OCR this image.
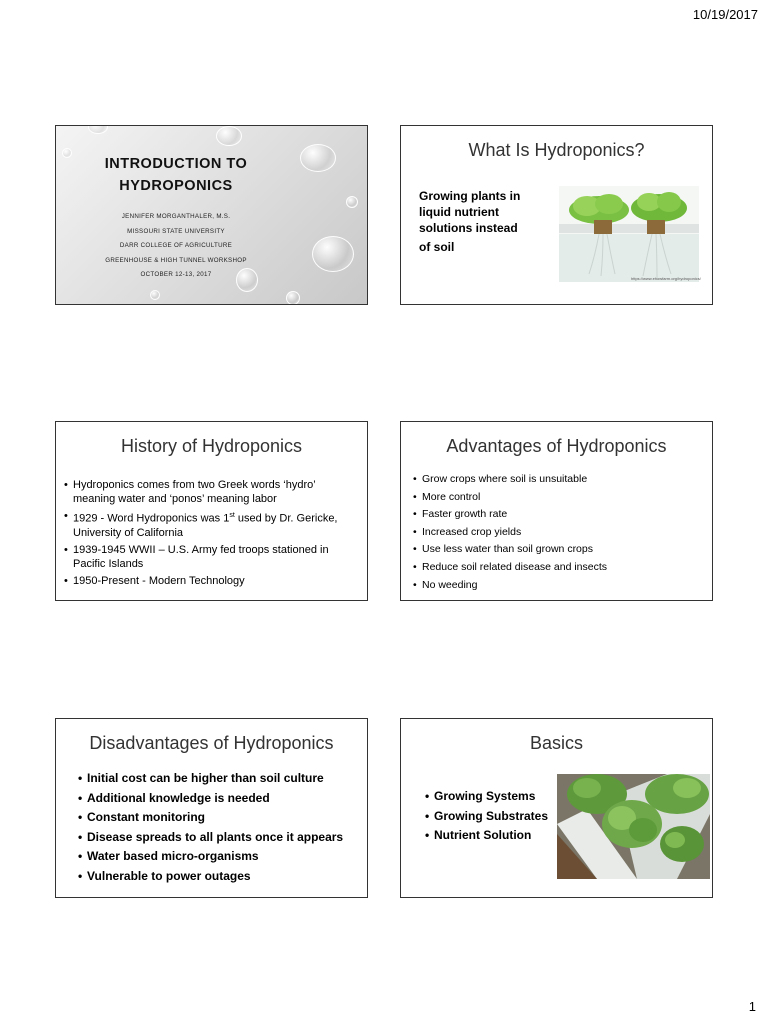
10/19/2017
INTRODUCTION TO
HYDROPONICS
JENNIFER MORGANTHALER, M.S.
MISSOURI STATE UNIVERSITY
DARR COLLEGE OF AGRICULTURE
GREENHOUSE & HIGH TUNNEL WORKSHOP
OCTOBER 12-13, 2017
What Is Hydroponics?
Growing plants in
liquid nutrient
solutions instead
of soil
https://www.ehowfarm.org/hydroponics/
History of Hydroponics
• Hydroponics comes from two Greek words ‘hydro’ meaning water and ‘ponos’ meaning labor
• 1929 - Word Hydroponics was 1st used by Dr. Gericke, University of California
• 1939-1945 WWII – U.S. Army fed troops stationed in Pacific Islands
• 1950-Present - Modern Technology
Advantages of Hydroponics
• Grow crops where soil is unsuitable
• More control
• Faster growth rate
• Increased crop yields
• Use less water than soil grown crops
• Reduce soil related disease and insects
• No weeding
Disadvantages of Hydroponics
• Initial cost can be higher than soil culture
• Additional knowledge is needed
• Constant monitoring
• Disease spreads to all plants once it appears
• Water based micro-organisms
• Vulnerable to power outages
Basics
• Growing Systems
• Growing Substrates
• Nutrient Solution
1
